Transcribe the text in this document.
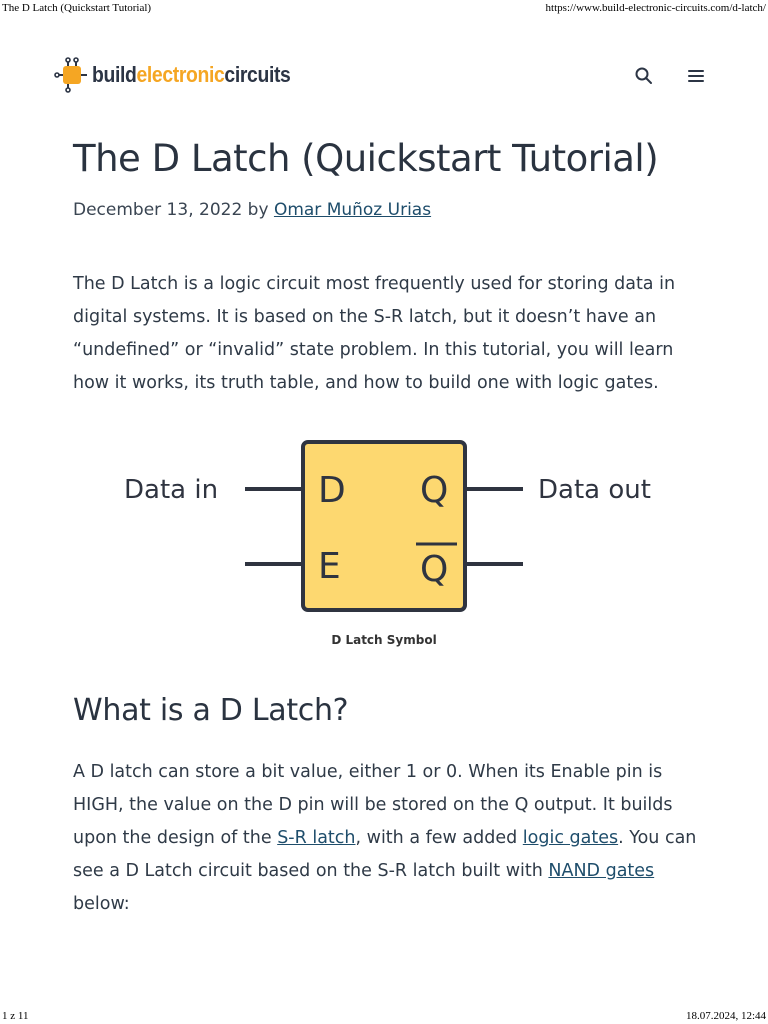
The D Latch (Quickstart Tutorial)	https://www.build-electronic-circuits.com/d-latch/
buildelectroniccircuits
The D Latch (Quickstart Tutorial)
December 13, 2022 by Omar Muñoz Urias

The D Latch is a logic circuit most frequently used for storing data in digital systems. It is based on the S-R latch, but it doesn’t have an “undefined” or “invalid” state problem. In this tutorial, you will learn how it works, its truth table, and how to build one with logic gates.

Data in	Data out
D
E
Q
Q
D Latch Symbol
What is a D Latch?

A D latch can store a bit value, either 1 or 0. When its Enable pin is HIGH, the value on the D pin will be stored on the Q output. It builds upon the design of the S-R latch, with a few added logic gates. You can see a D Latch circuit based on the S-R latch built with NAND gates below:

1 z 11	18.07.2024, 12:44
